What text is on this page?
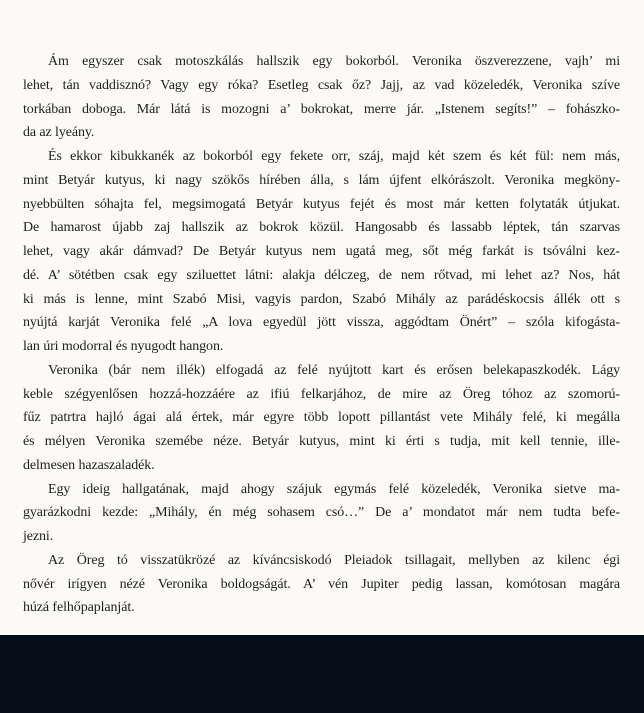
Ám egyszer csak motoszkálás hallszik egy bokorból. Veronika öszverezzene, vajh’ mi
lehet, tán vaddisznó? Vagy egy róka? Esetleg csak őz? Jajj, az vad közeledék, Veronika szíve
torkában doboga. Már látá is mozogni a’ bokrokat, merre jár. „Istenem segíts!” – fohászko-
da az lyeány.
És ekkor kibukkanék az bokorból egy fekete orr, száj, majd két szem és két fül: nem más,
mint Betyár kutyus, ki nagy szökős hírében álla, s lám újfent elkórászolt. Veronika megköny-
nyebbülten sóhajta fel, megsimogatá Betyár kutyus fejét és most már ketten folytaták útjukat.
De hamarost újabb zaj hallszik az bokrok közül. Hangosabb és lassabb léptek, tán szarvas
lehet, vagy akár dámvad? De Betyár kutyus nem ugatá meg, sőt még farkát is tsóválni kez-
dé. A’ sötétben csak egy sziluettet látni: alakja délczeg, de nem rőtvad, mi lehet az? Nos, hát
ki más is lenne, mint Szabó Misi, vagyis pardon, Szabó Mihály az parádéskocsis állék ott s
nyújtá karját Veronika felé „A lova egyedül jött vissza, aggódtam Önért” – szóla kifogásta-
lan úri modorral és nyugodt hangon.
Veronika (bár nem illék) elfogadá az felé nyújtott kart és erősen belekapaszkodék. Lágy
keble szégyenlősen hozzá-hozzáére az ifiú felkarjához, de mire az Öreg tóhoz az szomorú-
fűz patrtra hajló ágai alá értek, már egyre több lopott pillantást vete Mihály felé, ki megálla
és mélyen Veronika szemébe néze. Betyár kutyus, mint ki érti s tudja, mit kell tennie, ille-
delmesen hazaszaladék.
Egy ideig hallgatának, majd ahogy szájuk egymás felé közeledék, Veronika sietve ma-
gyarázkodni kezde: „Mihály, én még sohasem csó…” De a’ mondatot már nem tudta befe-
jezni.
Az Öreg tó visszatükrözé az kíváncsiskodó Pleiadok tsillagait, mellyben az kilenc égi
nővér irígyen nézé Veronika boldogságát. A’ vén Jupiter pedig lassan, komótosan magára
húzá felhőpaplanját.
